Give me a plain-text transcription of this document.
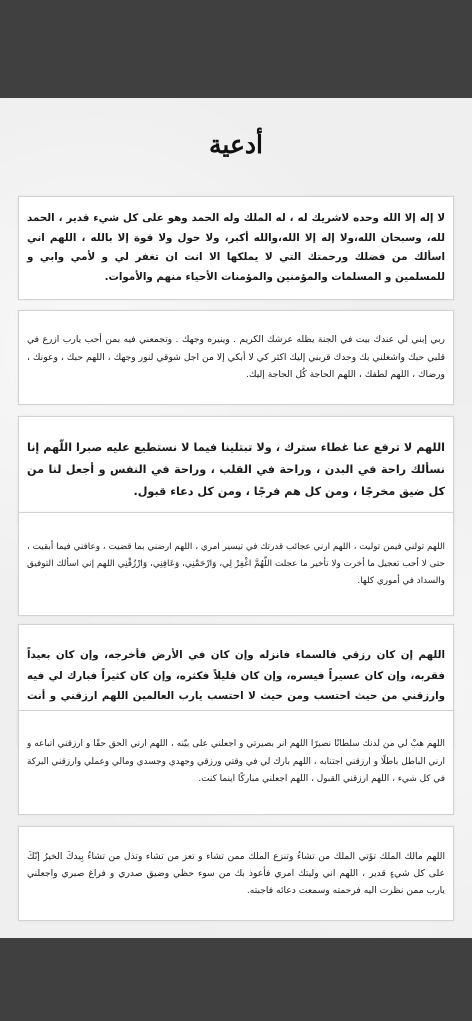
أدعية

لا إله إلا الله وحده لاشريك له ، له الملك وله الحمد وهو على كل شيء قدير ، الحمد لله، وسبحان الله،ولا إله إلا الله،والله أكبر، ولا حول ولا قوة إلا بالله ، اللهم اني اسألك من فضلك ورحمتك التي لا يملكها الا انت ان تغفر لي و لأمي وابي و للمسلمين و المسلمات والمؤمنين والمؤمنات الأحياء منهم والأموات.

ربي إبني لي عندك بيت في الجنة يظله عرشك الكريم . وينيره وجهك . وتجمعني فيه بمن أحب يارب ازرع في قلبي حبك واشغلني بك وحدك قربني إليك اكثر كي لا أبكي إلا من اجل شوقي لنور وجهك ، اللهم حبك ، وعونك ، ورضاك ، اللهم لطفك ، اللهم الحاجة كُل الحاجة إليك.

اللهم لا ترفع عنا غطاء سترك ، ولا تبتلينا فيما لا نستطيع عليه صبرا اللّهم إنا نسألك راحة في البدن ، وراحة في القلب ، وراحة في النفس و أجعل لنا من كل ضيق مخرجًا ، ومن كل هم فرجًا ، ومن كل دعاء قبول.

اللهم تولني فيمن توليت ، اللهم ارني عجائب قدرتك في تيسير امري ، اللهم ارضني بما قضيت ، وعافني فيما أبقيت ، حتى لا أحب تعجيل ما أخرت ولا تأخير ما عجلت اللّهُمَّ اغْفِرْ لِي، وَارْحَمْنِي، وَعَافِنِي، وَارْزُقْنِي اللهم إني اسألك التوفيق والسداد في أموري كلها.

اللهم إن كان رزقي فالسماء فانزله وإن كان في الأرض فأخرجه، وإن كان بعيداً فقربه، وإن كان عسيراً فيسره، وإن كان قليلاً فكثره، وإن كان كثيراً فبارك لي فيه وارزقني من حيث احتسب ومن حيث لا احتسب يارب العالمين اللهم ارزقني و أنت

اللهم هبْ لي من لدنك سلطانًا نصيرًا اللهم انر بصيرتي و اجعلني على بيّنه ، اللهم ارني الحق حقًا و ارزقني اتباعه و ارني الباطل باطلًا و ارزقني اجتنابه ، اللهم بارك لي في وقتي ورزقي وجهدي وجسدي ومالي وعملي وارزقني البركة في كل شيء ، اللهم ارزقني القبول ، اللهم اجعلني مباركًا اينما كنت.

اللهم مالك الملك تؤتي الملك من تشاءُ وتنزع الملك ممن تشاء و تعز من تشاء وتذل من تشاءُ بِيدكَ الخيرُ إنّكَ على كل شيءٍ قدير ، اللهم اني وليتك امري فأعوذ بك من سوء حظي وضيق صدري و فراغ صبري واجعلني يارب ممن نظرت اليه فرحمته وسمعت دعائه فاجبته.
